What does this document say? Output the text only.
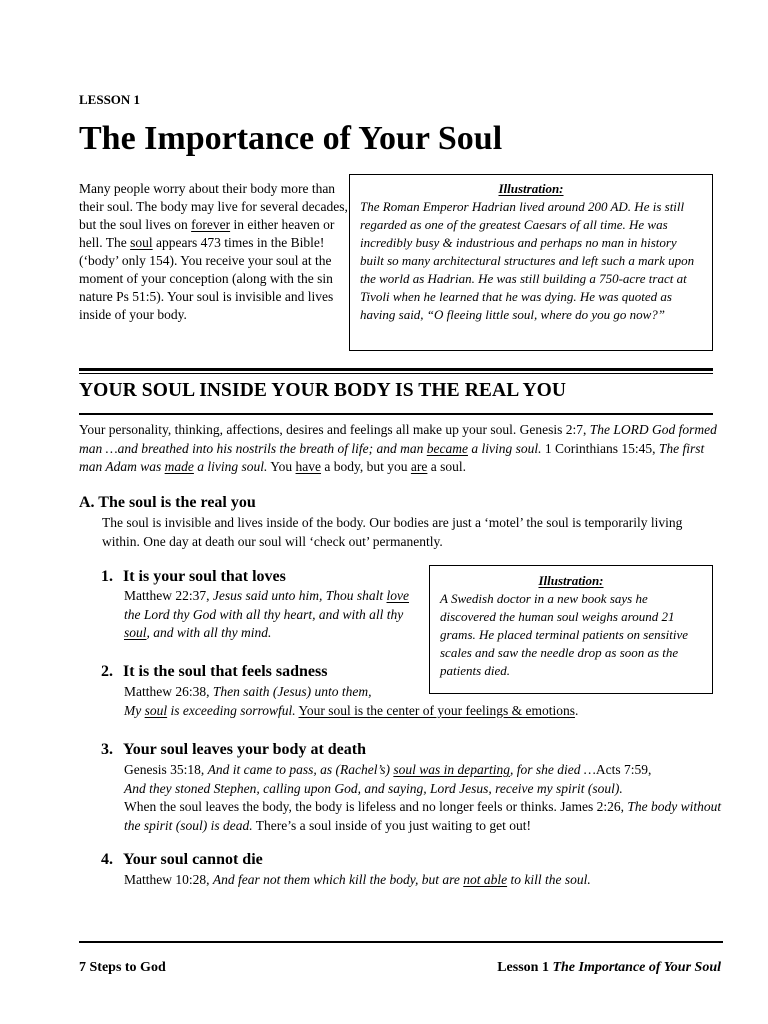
LESSON 1
The Importance of Your Soul
Many people worry about their body more than their soul. The body may live for several decades, but the soul lives on forever in either heaven or hell. The soul appears 473 times in the Bible! (‘body’ only 154). You receive your soul at the moment of your conception (along with the sin nature Ps 51:5). Your soul is invisible and lives inside of your body.
Illustration:
The Roman Emperor Hadrian lived around 200 AD. He is still regarded as one of the greatest Caesars of all time. He was incredibly busy & industrious and perhaps no man in history built so many architectural structures and left such a mark upon the world as Hadrian. He was still building a 750-acre tract at Tivoli when he learned that he was dying. He was quoted as having said, “O fleeing little soul, where do you go now?”
YOUR SOUL INSIDE YOUR BODY IS THE REAL YOU
Your personality, thinking, affections, desires and feelings all make up your soul. Genesis 2:7, The LORD God formed man …and breathed into his nostrils the breath of life; and man became a living soul. 1 Corinthians 15:45, The first man Adam was made a living soul. You have a body, but you are a soul.
A. The soul is the real you
The soul is invisible and lives inside of the body. Our bodies are just a ‘motel’ the soul is temporarily living within. One day at death our soul will ‘check out’ permanently.
1. It is your soul that loves
Matthew 22:37, Jesus said unto him, Thou shalt love the Lord thy God with all thy heart, and with all thy soul, and with all thy mind.
Illustration:
A Swedish doctor in a new book says he discovered the human soul weighs around 21 grams. He placed terminal patients on sensitive scales and saw the needle drop as soon as the patients died.
2. It is the soul that feels sadness
Matthew 26:38, Then saith (Jesus) unto them,
My soul is exceeding sorrowful. Your soul is the center of your feelings & emotions.
3. Your soul leaves your body at death
Genesis 35:18, And it came to pass, as (Rachel’s) soul was in departing, for she died …Acts 7:59,
And they stoned Stephen, calling upon God, and saying, Lord Jesus, receive my spirit (soul).
When the soul leaves the body, the body is lifeless and no longer feels or thinks. James 2:26, The body without the spirit (soul) is dead. There’s a soul inside of you just waiting to get out!
4. Your soul cannot die
Matthew 10:28, And fear not them which kill the body, but are not able to kill the soul.
7 Steps to God	Lesson 1 The Importance of Your Soul
